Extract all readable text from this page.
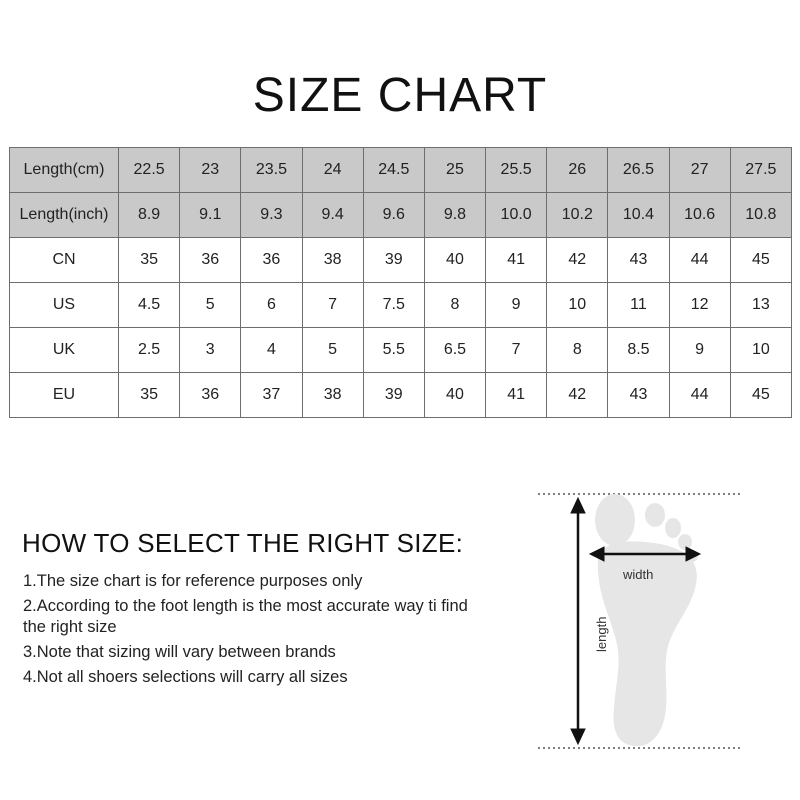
SIZE CHART
Length(cm)	22.5	23	23.5	24	24.5	25	25.5	26	26.5	27	27.5
Length(inch)	8.9	9.1	9.3	9.4	9.6	9.8	10.0	10.2	10.4	10.6	10.8
CN	35	36	36	38	39	40	41	42	43	44	45
US	4.5	5	6	7	7.5	8	9	10	11	12	13
UK	2.5	3	4	5	5.5	6.5	7	8	8.5	9	10
EU	35	36	37	38	39	40	41	42	43	44	45
HOW TO SELECT THE RIGHT SIZE:
1.The size chart is for reference purposes only
2.According to the foot length is the most accurate way ti find the right size
3.Note that sizing will vary between brands
4.Not all shoers selections will carry all sizes
width
length
